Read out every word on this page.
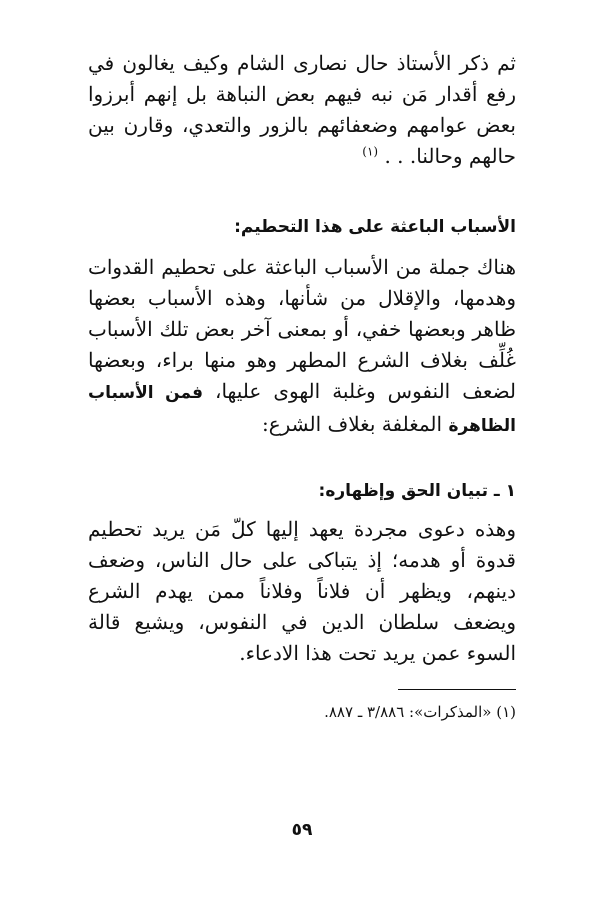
ثم ذكر الأستاذ حال نصارى الشام وكيف يغالون في رفع أقدار مَن نبه فيهم بعض النباهة بل إنهم أبرزوا بعض عوامهم وضعفائهم بالزور والتعدي، وقارن بين حالهم وحالنا. . . $^{(١)}$

الأسباب الباعثة على هذا التحطيم:

هناك جملة من الأسباب الباعثة على تحطيم القدوات وهدمها، والإقلال من شأنها، وهذه الأسباب بعضها ظاهر وبعضها خفي، أو بمعنى آخر بعض تلك الأسباب غُلِّف بغلاف الشرع المطهر وهو منها براء، وبعضها لضعف النفوس وغلبة الهوى عليها، فمن الأسباب الظاهرة المغلفة بغلاف الشرع:

١ ـ تبيان الحق وإظهاره:

وهذه دعوى مجردة يعهد إليها كلّ مَن يريد تحطيم قدوة أو هدمه؛ إذ يتباكى على حال الناس، وضعف دينهم، ويظهر أن فلاناً وفلاناً ممن يهدم الشرع ويضعف سلطان الدين في النفوس، ويشيع قالة السوء عمن يريد تحت هذا الادعاء.

(١) «المذكرات»: ٣/٨٨٦ ـ ٨٨٧.
٥٩
